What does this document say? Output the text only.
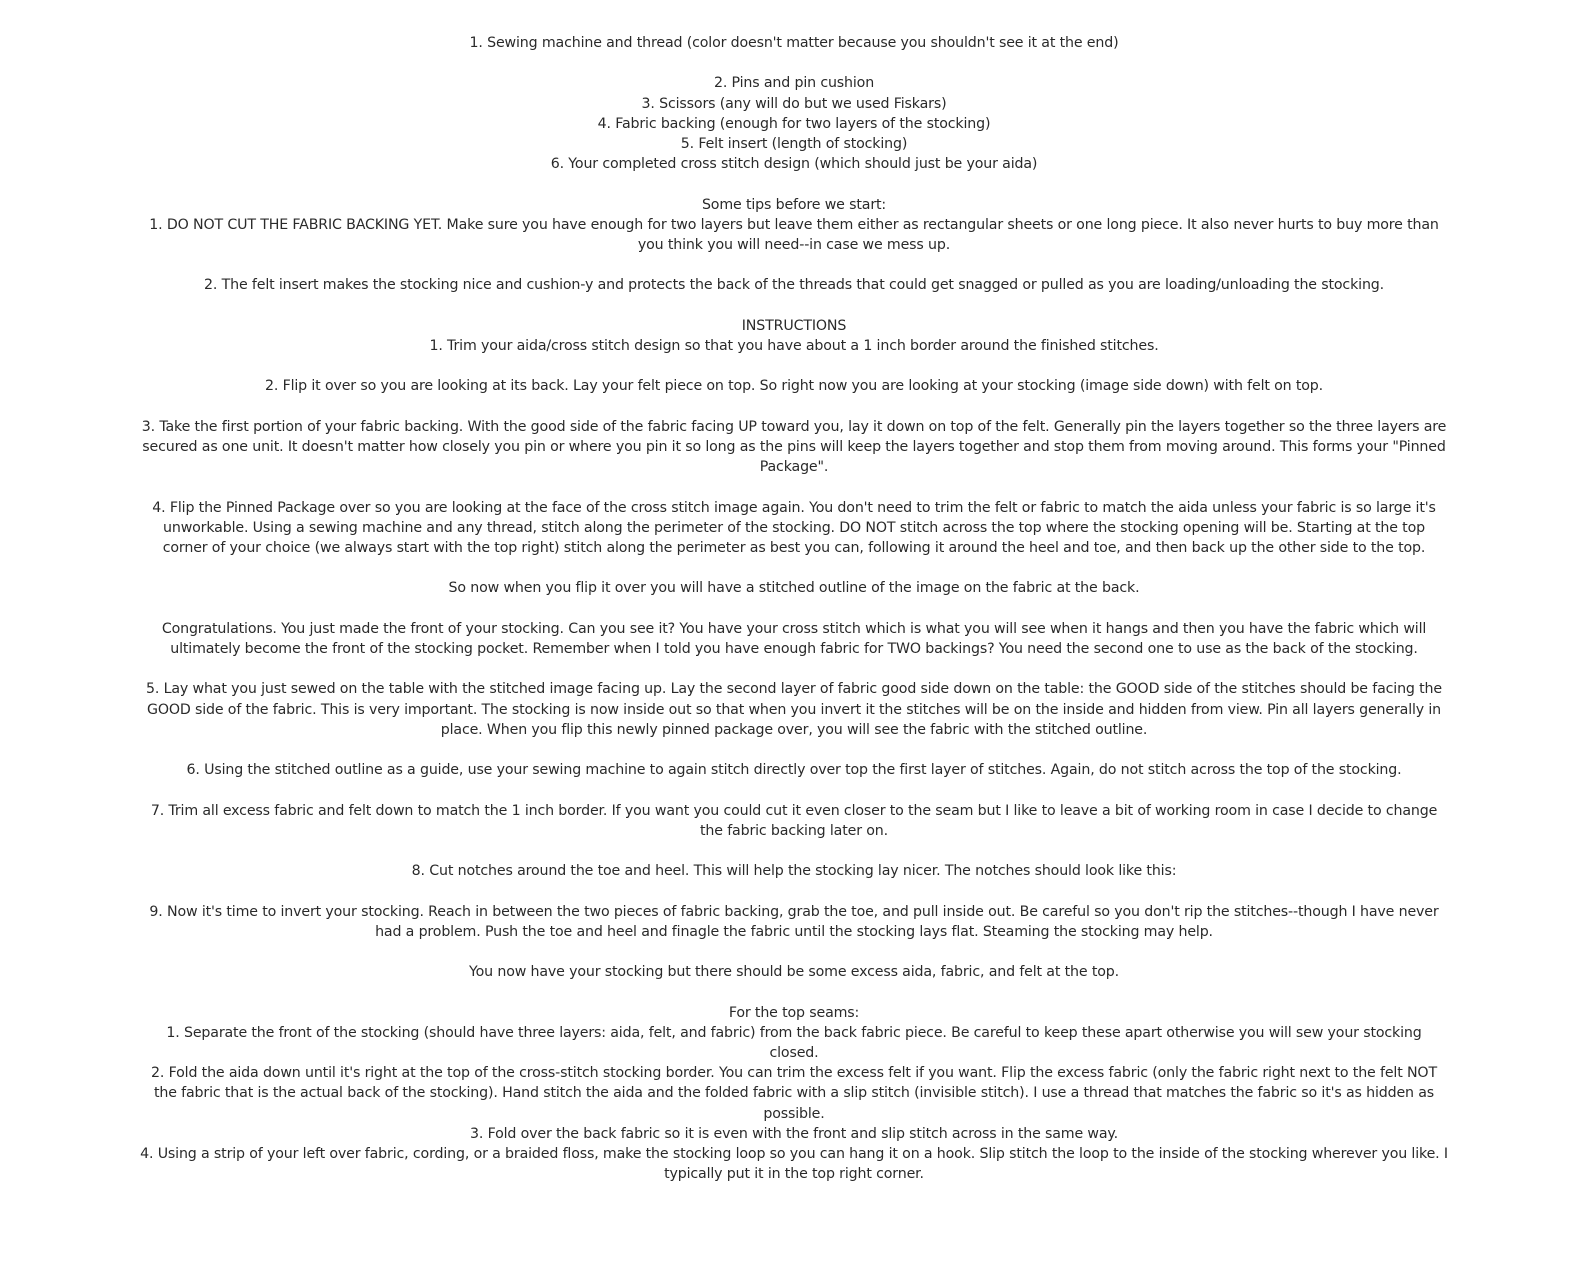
1. Sewing machine and thread (color doesn't matter because you shouldn't see it at the end)

2. Pins and pin cushion

3. Scissors (any will do but we used Fiskars)

4. Fabric backing (enough for two layers of the stocking)

5. Felt insert (length of stocking)

6. Your completed cross stitch design (which should just be your aida)

Some tips before we start:

1. DO NOT CUT THE FABRIC BACKING YET. Make sure you have enough for two layers but leave them either as rectangular sheets or one long piece. It also never hurts to buy more than you think you will need--in case we mess up.

2. The felt insert makes the stocking nice and cushion-y and protects the back of the threads that could get snagged or pulled as you are loading/unloading the stocking.

INSTRUCTIONS

1. Trim your aida/cross stitch design so that you have about a 1 inch border around the finished stitches.

2. Flip it over so you are looking at its back. Lay your felt piece on top. So right now you are looking at your stocking (image side down) with felt on top.

3. Take the first portion of your fabric backing. With the good side of the fabric facing UP toward you, lay it down on top of the felt. Generally pin the layers together so the three layers are secured as one unit. It doesn't matter how closely you pin or where you pin it so long as the pins will keep the layers together and stop them from moving around. This forms your "Pinned Package".

4. Flip the Pinned Package over so you are looking at the face of the cross stitch image again. You don't need to trim the felt or fabric to match the aida unless your fabric is so large it's unworkable. Using a sewing machine and any thread, stitch along the perimeter of the stocking. DO NOT stitch across the top where the stocking opening will be. Starting at the top corner of your choice (we always start with the top right) stitch along the perimeter as best you can, following it around the heel and toe, and then back up the other side to the top.

So now when you flip it over you will have a stitched outline of the image on the fabric at the back.

Congratulations. You just made the front of your stocking. Can you see it? You have your cross stitch which is what you will see when it hangs and then you have the fabric which will ultimately become the front of the stocking pocket. Remember when I told you have enough fabric for TWO backings? You need the second one to use as the back of the stocking.

5. Lay what you just sewed on the table with the stitched image facing up. Lay the second layer of fabric good side down on the table: the GOOD side of the stitches should be facing the GOOD side of the fabric. This is very important. The stocking is now inside out so that when you invert it the stitches will be on the inside and hidden from view. Pin all layers generally in place. When you flip this newly pinned package over, you will see the fabric with the stitched outline.

6. Using the stitched outline as a guide, use your sewing machine to again stitch directly over top the first layer of stitches. Again, do not stitch across the top of the stocking.

7. Trim all excess fabric and felt down to match the 1 inch border. If you want you could cut it even closer to the seam but I like to leave a bit of working room in case I decide to change the fabric backing later on.

8. Cut notches around the toe and heel. This will help the stocking lay nicer. The notches should look like this:

9. Now it's time to invert your stocking. Reach in between the two pieces of fabric backing, grab the toe, and pull inside out. Be careful so you don't rip the stitches--though I have never had a problem. Push the toe and heel and finagle the fabric until the stocking lays flat. Steaming the stocking may help.

You now have your stocking but there should be some excess aida, fabric, and felt at the top.

For the top seams:

1. Separate the front of the stocking (should have three layers: aida, felt, and fabric) from the back fabric piece. Be careful to keep these apart otherwise you will sew your stocking closed.

2. Fold the aida down until it's right at the top of the cross-stitch stocking border. You can trim the excess felt if you want. Flip the excess fabric (only the fabric right next to the felt NOT the fabric that is the actual back of the stocking). Hand stitch the aida and the folded fabric with a slip stitch (invisible stitch). I use a thread that matches the fabric so it's as hidden as possible.

3. Fold over the back fabric so it is even with the front and slip stitch across in the same way.

4. Using a strip of your left over fabric, cording, or a braided floss, make the stocking loop so you can hang it on a hook. Slip stitch the loop to the inside of the stocking wherever you like. I typically put it in the top right corner.
